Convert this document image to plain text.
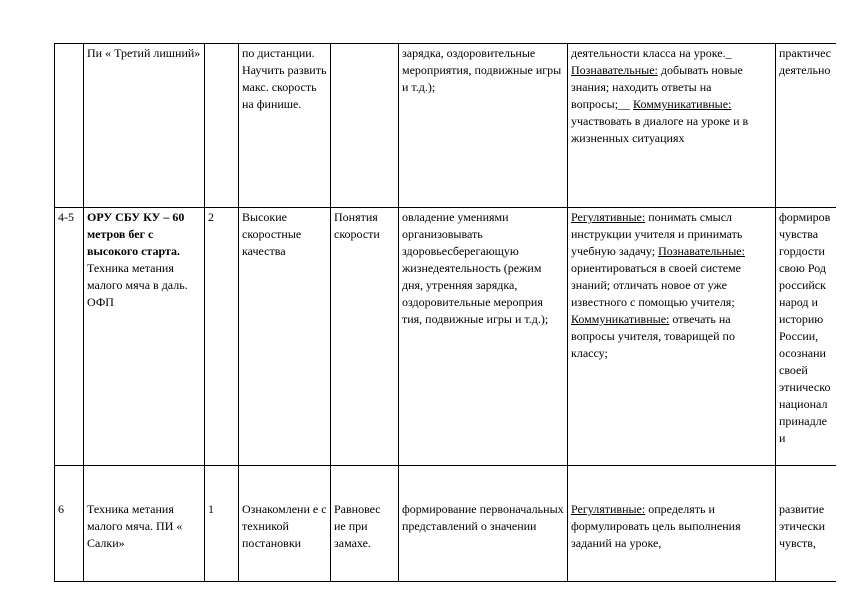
	Пи « Третий лишний»		по дистанции. Научить развить макс. скорость на финише.		зарядка, оздоровительные мероприятия, подвижные игры и т.д.);	деятельности класса на уроке._ Познавательные: добывать новые знания; находить ответы на вопросы;__ Коммуникативные: участвовать в диалоге на уроке и в жизненных ситуациях	практичес деятельно
4-5	ОРУ СБУ КУ – 60 метров бег с высокого старта. Техника метания малого мяча в даль. ОФП	2	Высокие скоростные качества	Понятия скорости	овладение умениями организовывать здоровьесберегающую жизнедеятельность (режим дня, утренняя зарядка, оздоровительные мероприя тия, подвижные игры и т.д.);	Регулятивные: понимать смысл инструкции учителя и принимать учебную задачу; Познавательные: ориентироваться в своей системе знаний; отличать новое от уже известного с помощью учителя; Коммуникативные: отвечать на вопросы учителя, товарищей по классу;	формиров чувства гордости свою Род российск народ и историю России, осознани своей этническо национал принадле и
6	Техника метания малого мяча. ПИ « Салки»	1	Ознакомлени е с техникой постановки	Равновес ие при замахе.	формирование первоначальных представлений о значении	Регулятивные: определять и формулировать цель выполнения заданий на уроке,	развитие этически чувств,
